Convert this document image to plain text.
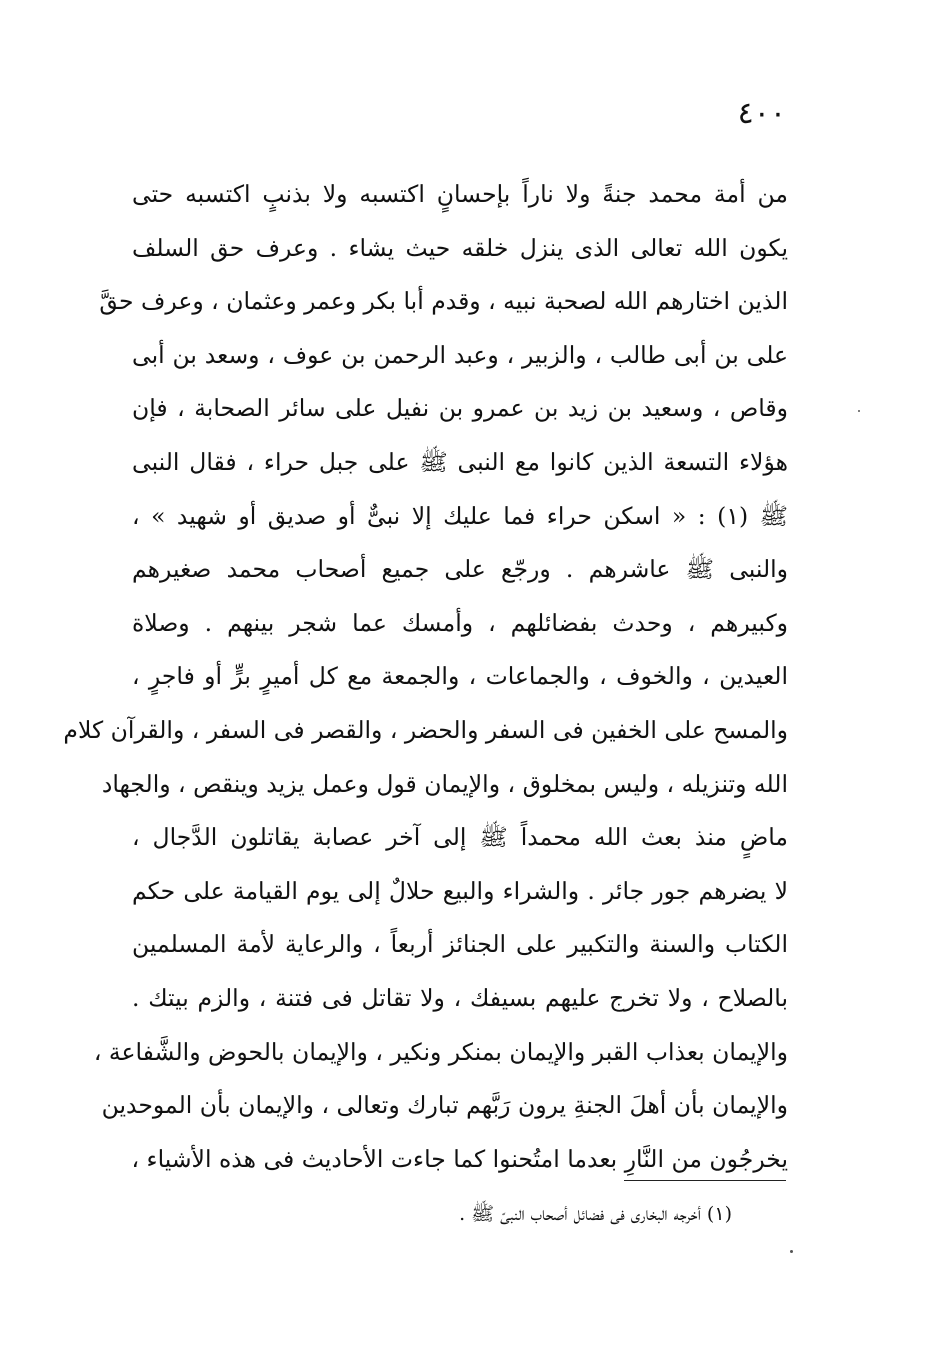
٤٠٠
من أمة محمد جنةً ولا ناراً بإحسانٍ اكتسبه ولا بذنبٍ اكتسبه حتى
يكون الله تعالى الذى ينزل خلقه حيث يشاء . وعرف حق السلف
الذين اختارهم الله لصحبة نبيه ، وقدم أبا بكر وعمر وعثمان ، وعرف حقَّ
على بن أبى طالب ، والزبير ، وعبد الرحمن بن عوف ، وسعد بن أبى
وقاص ، وسعيد بن زيد بن عمرو بن نفيل على سائر الصحابة ، فإن
هؤلاء التسعة الذين كانوا مع النبى ﷺ على جبل حراء ، فقال النبى
ﷺ (١) : « اسكن حراء فما عليك إلا نبىٌّ أو صديق أو شهيد » ،
والنبى ﷺ عاشرهم . ورجّع على جميع أصحاب محمد صغيرهم
وكبيرهم ، وحدث بفضائلهم ، وأمسك عما شجر بينهم . وصلاة
العيدين ، والخوف ، والجماعات ، والجمعة مع كل أميرٍ برٍّ أو فاجرٍ ،
والمسح على الخفين فى السفر والحضر ، والقصر فى السفر ، والقرآن كلام
الله وتنزيله ، وليس بمخلوق ، والإيمان قول وعمل يزيد وينقص ، والجهاد
ماضٍ منذ بعث الله محمداً ﷺ إلى آخر عصابة يقاتلون الدَّجال ،
لا يضرهم جور جائر . والشراء والبيع حلالٌ إلى يوم القيامة على حكم
الكتاب والسنة والتكبير على الجنائز أربعاً ، والرعاية لأمة المسلمين
بالصلاح ، ولا تخرج عليهم بسيفك ، ولا تقاتل فى فتنة ، والزم بيتك .
والإيمان بعذاب القبر والإيمان بمنكر ونكير ، والإيمان بالحوض والشَّفاعة ،
والإيمان بأن أهلَ الجنةِ يرون رَبَّهم تبارك وتعالى ، والإيمان بأن الموحدين
يخرجُون من النَّارِ بعدما امتُحنوا كما جاءت الأحاديث فى هذه الأشياء ،
(١) أخرجه البخارى فى فضائل أصحاب النبىّ ﷺ .
